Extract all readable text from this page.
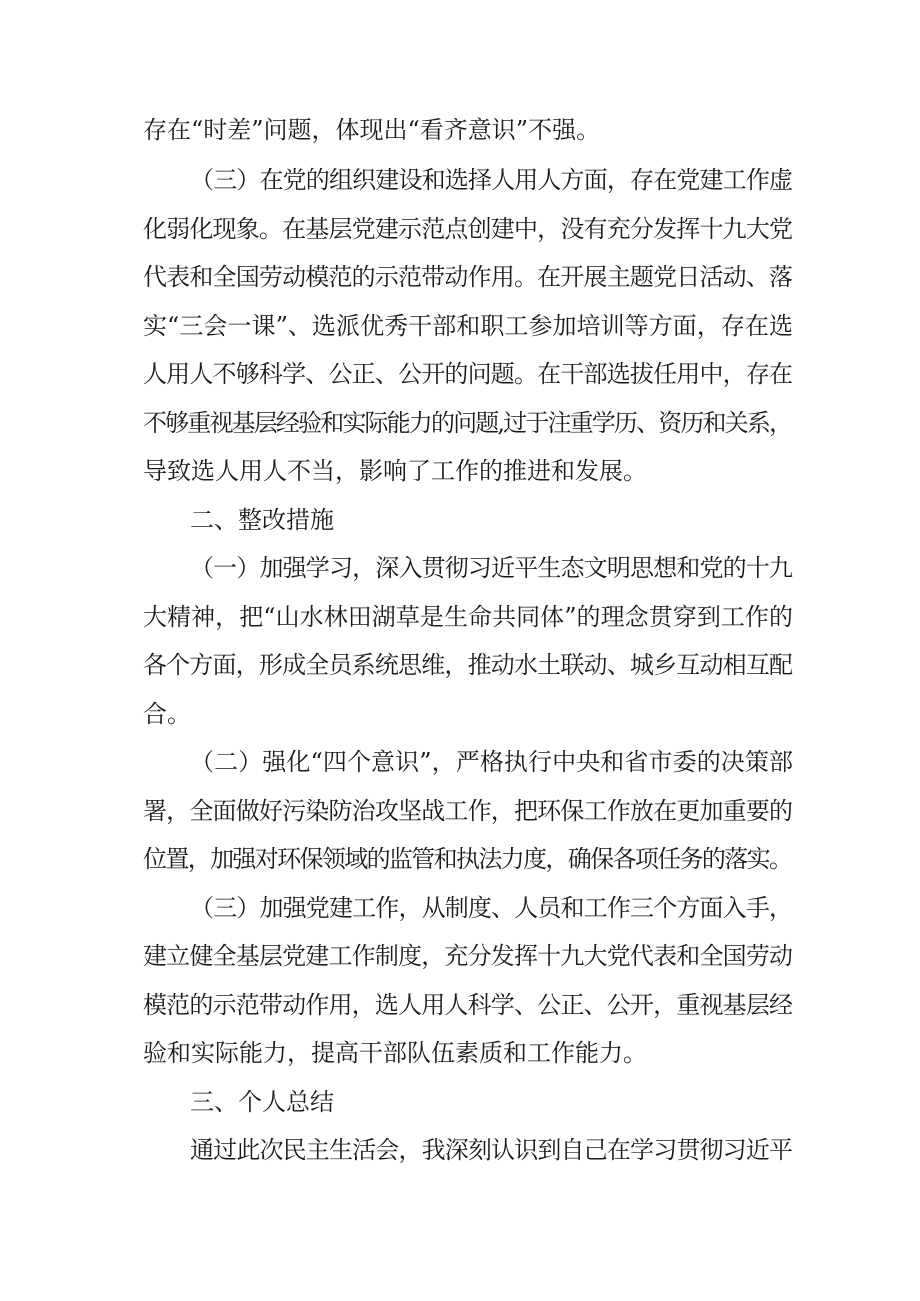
存在“时差”问题，体现出“看齐意识”不强。
（三）在党的组织建设和选择人用人方面，存在党建工作虚
化弱化现象。在基层党建示范点创建中，没有充分发挥十九大党
代表和全国劳动模范的示范带动作用。在开展主题党日活动、落
实“三会一课”、选派优秀干部和职工参加培训等方面，存在选
人用人不够科学、公正、公开的问题。在干部选拔任用中，存在
不够重视基层经验和实际能力的问题,过于注重学历、资历和关系，
导致选人用人不当，影响了工作的推进和发展。
二、整改措施
（一）加强学习，深入贯彻习近平生态文明思想和党的十九
大精神，把“山水林田湖草是生命共同体”的理念贯穿到工作的
各个方面，形成全员系统思维，推动水土联动、城乡互动相互配
合。
（二）强化“四个意识”，严格执行中央和省市委的决策部
署，全面做好污染防治攻坚战工作，把环保工作放在更加重要的
位置，加强对环保领域的监管和执法力度，确保各项任务的落实。
（三）加强党建工作，从制度、人员和工作三个方面入手，
建立健全基层党建工作制度，充分发挥十九大党代表和全国劳动
模范的示范带动作用，选人用人科学、公正、公开，重视基层经
验和实际能力，提高干部队伍素质和工作能力。
三、个人总结
通过此次民主生活会，我深刻认识到自己在学习贯彻习近平
